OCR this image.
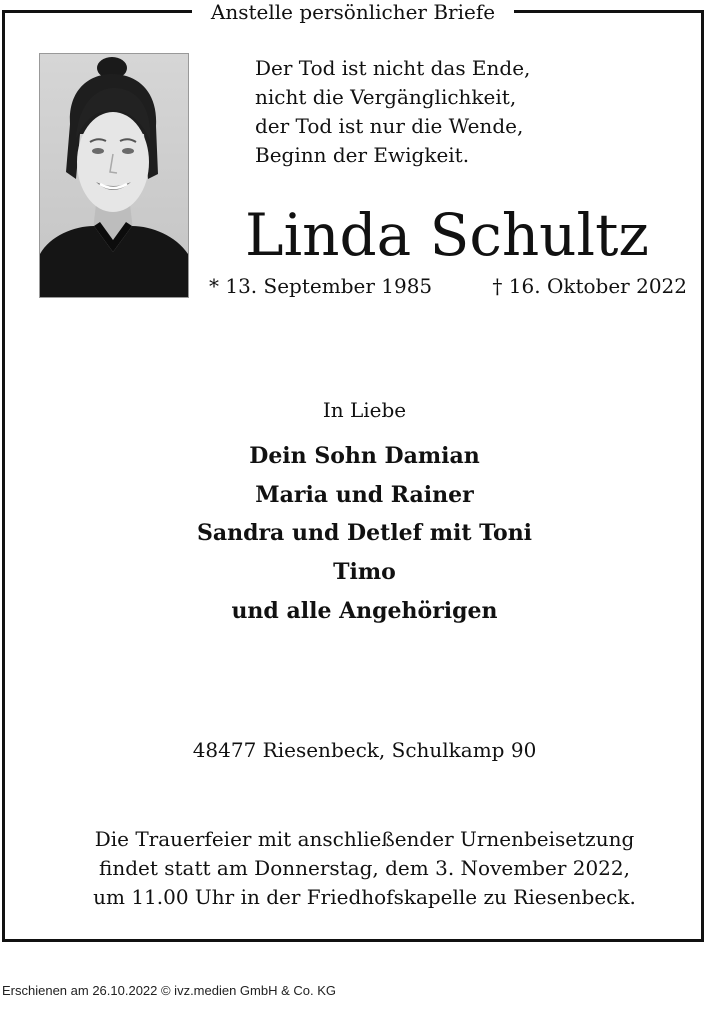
Anstelle persönlicher Briefe
Der Tod ist nicht das Ende,
nicht die Vergänglichkeit,
der Tod ist nur die Wende,
Beginn der Ewigkeit.
Linda Schultz
* 13. September 1985	† 16. Oktober 2022
In Liebe
Dein Sohn Damian
Maria und Rainer
Sandra und Detlef mit Toni
Timo
und alle Angehörigen
48477 Riesenbeck, Schulkamp 90
Die Trauerfeier mit anschließender Urnenbeisetzung
findet statt am Donnerstag, dem 3. November 2022,
um 11.00 Uhr in der Friedhofskapelle zu Riesenbeck.
Erschienen am 26.10.2022 © ivz.medien GmbH & Co. KG
